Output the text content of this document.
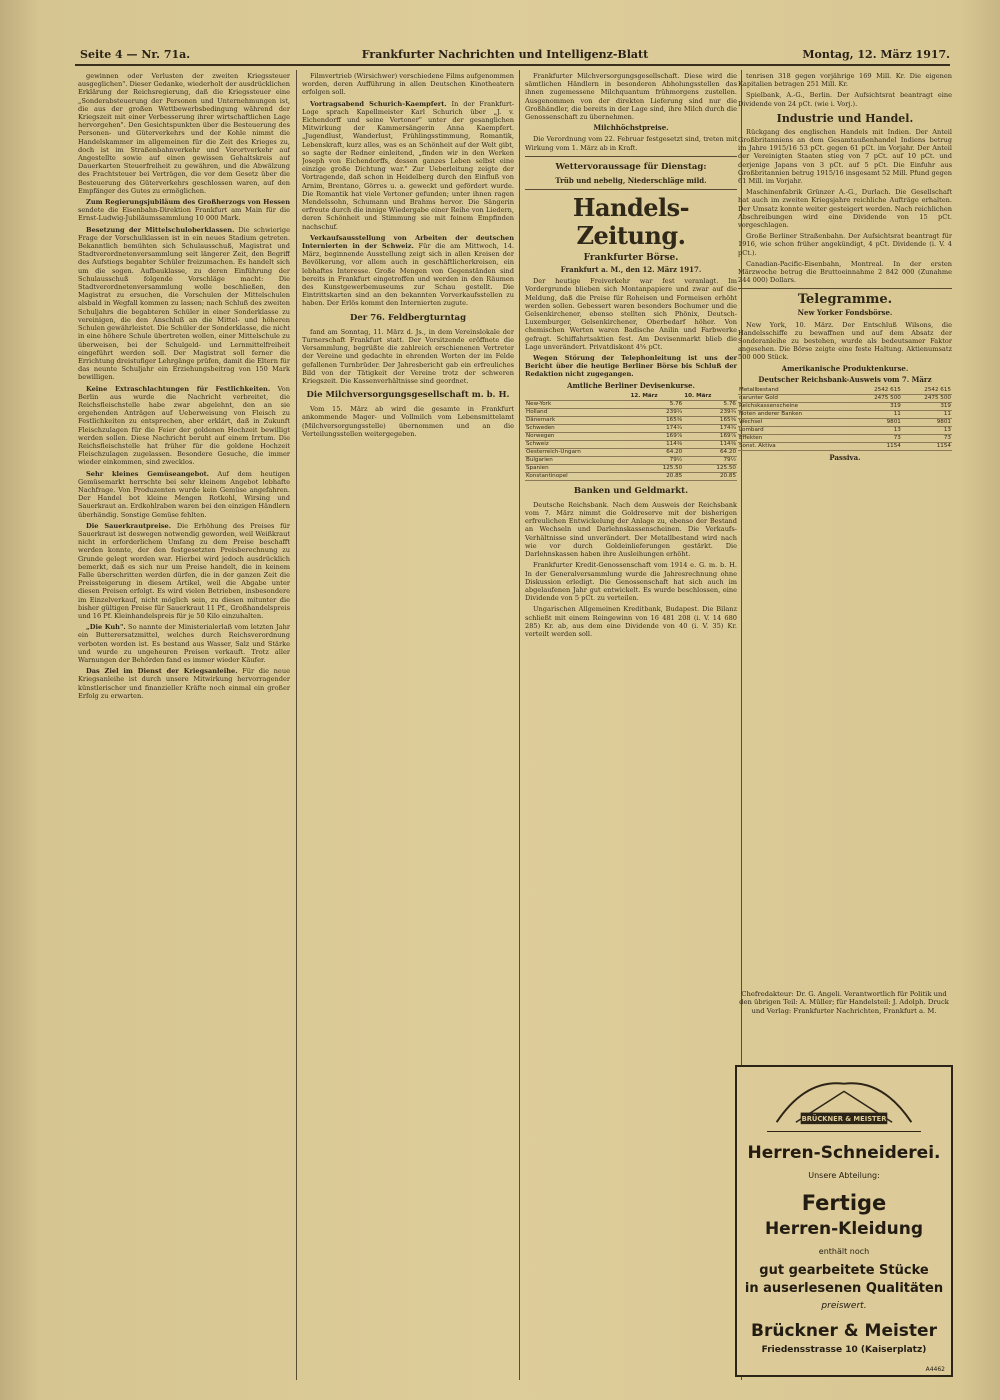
Seite 4 — Nr. 71a.	Frankfurter Nachrichten und Intelligenz-Blatt	Montag, 12. März 1917.

gewinnen oder Verlusten der zweiten Kriegssteuer ausgeglichen". Dieser Gedanke, wiederholt der ausdrücklichen Erklärung der Reichsregierung, daß die Kriegssteuer eine „Sonderabsteuerung der Personen und Unternehmungen ist, die aus der großen Wettbewerbsbedingung während der Kriegszeit mit einer Verbesserung ihrer wirtschaftlichen Lage hervorgehen". Den Gesichtspunkten über die Besteuerung des Personen- und Güterverkehrs und der Kohle nimmt die Handelskammer im allgemeinen für die Zeit des Krieges zu, doch ist im Straßenbahnverkehr und Vorortverkehr auf Angestellte sowie auf einen gewissen Gehaltskreis auf Dauerkarten Steuerfreiheit zu gewähren, und die Abwälzung des Frachtsteuer bei Verträgen, die vor dem Gesetz über die Besteuerung des Güterverkehrs geschlossen waren, auf den Empfänger des Gutes zu ermöglichen.

Zum Regierungsjubiläum des Großherzogs von Hessen sendete die Eisenbahn-Direktion Frankfurt am Main für die Ernst-Ludwig-Jubiläumssammlung 10 000 Mark.

Besetzung der Mittelschuloberklassen. Die schwierige Frage der Vorschulklassen ist in ein neues Stadium getreten. Bekanntlich bemühten sich Schulausschuß, Magistrat und Stadtverordnetenversammlung seit längerer Zeit, den Begriff des Aufstiegs begabter Schüler freizumachen. Es handelt sich um die sogen. Aufbauklasse, zu deren Einführung der Schulausschuß folgende Vorschläge macht: Die Stadtverordnetenversammlung wolle beschließen, den Magistrat zu ersuchen, die Vorschulen der Mittelschulen alsbald in Wegfall kommen zu lassen; nach Schluß des zweiten Schuljahrs die begabteren Schüler in einer Sonderklasse zu vereinigen, die den Anschluß an die Mittel- und höheren Schulen gewährleistet. Die Schüler der Sonderklasse, die nicht in eine höhere Schule übertreten wollen, einer Mittelschule zu überweisen, bei der Schulgeld- und Lernmittelfreiheit eingeführt werden soll. Der Magistrat soll ferner die Errichtung dreistufiger Lehrgänge prüfen, damit die Eltern für das neunte Schuljahr ein Erziehungsbeitrag von 150 Mark bewilligen.

Keine Extraschlachtungen für Festlichkeiten. Von Berlin aus wurde die Nachricht verbreitet, die Reichsfleischstelle habe zwar abgelehnt, den an sie ergehenden Anträgen auf Ueberweisung von Fleisch zu Festlichkeiten zu entsprechen, aber erklärt, daß in Zukunft Fleischzulagen für die Feier der goldenen Hochzeit bewilligt werden sollen. Diese Nachricht beruht auf einem Irrtum. Die Reichsfleischstelle hat früher für die goldene Hochzeit Fleischzulagen zugelassen. Besondere Gesuche, die immer wieder einkommen, sind zwecklos.

Sehr kleines Gemüseangebot. Auf dem heutigen Gemüsemarkt herrschte bei sehr kleinem Angebot lebhafte Nachfrage. Von Produzenten wurde kein Gemüse angefahren. Der Handel bot kleine Mengen Rotkohl, Wirsing und Sauerkraut an. Erdkohlraben waren bei den einzigen Händlern überhändig. Sonstige Gemüse fehlten.

Die Sauerkrautpreise. Die Erhöhung des Preises für Sauerkraut ist deswegen notwendig geworden, weil Weißkraut nicht in erforderlichem Umfang zu dem Preise beschafft werden konnte, der den festgesetzten Preisberechnung zu Grunde gelegt worden war. Hierbei wird jedoch ausdrücklich bemerkt, daß es sich nur um Preise handelt, die in keinem Falle überschritten werden dürfen, die in der ganzen Zeit die Preissteigerung in diesem Artikel, weil die Abgabe unter diesen Preisen erfolgt. Es wird vielen Betrieben, insbesondere im Einzelverkauf, nicht möglich sein, zu diesen mitunter die bisher gültigen Preise für Sauerkraut 11 Pf., Großhandelspreis und 16 Pf. Kleinhandelspreis für je 50 Kilo einzuhalten.

„Die Kuh". So nannte der Ministerialerlaß vom letzten Jahr ein Butterersatzmittel, welches durch Reichsverordnung verboten worden ist. Es bestand aus Wasser, Salz und Stärke und wurde zu ungeheuren Preisen verkauft. Trotz aller Warnungen der Behörden fand es immer wieder Käufer.

Das Ziel im Dienst der Kriegsanleihe. Für die neue Kriegsanleihe ist durch unsere Mitwirkung hervorragender künstlerischer und finanzieller Kräfte noch einmal ein großer Erfolg zu erwarten.

Filmvertrieb (Wirsichwer) verschiedene Films aufgenommen worden, deren Aufführung in allen Deutschen Kinotheatern erfolgen soll.

Vortragsabend Schurich-Kaempfert. In der Frankfurt-Loge sprach Kapellmeister Karl Schurich über „J. v. Eichendorff und seine Vertoner" unter der gesanglichen Mitwirkung der Kammersängerin Anna Kaempfert. „Jugendlust, Wanderlust, Frühlingsstimmung, Romantik, Lebenskraft, kurz alles, was es an Schönheit auf der Welt gibt, so sagte der Redner einleitend, „finden wir in den Werken Joseph von Eichendorffs, dessen ganzes Leben selbst eine einzige große Dichtung war." Zur Ueberleitung zeigte der Vortragende, daß schon in Heidelberg durch den Einfluß von Arnim, Brentano, Görres u. a. geweckt und gefördert wurde. Die Romantik hat viele Vertoner gefunden; unter ihnen ragen Mendelssohn, Schumann und Brahms hervor. Die Sängerin erfreute durch die innige Wiedergabe einer Reihe von Liedern, deren Schönheit und Stimmung sie mit feinem Empfinden nachschuf.

Verkaufsausstellung von Arbeiten der deutschen Internierten in der Schweiz. Für die am Mittwoch, 14. März, beginnende Ausstellung zeigt sich in allen Kreisen der Bevölkerung, vor allem auch in geschäftlicherkreisen, ein lebhaftes Interesse. Große Mengen von Gegenständen sind bereits in Frankfurt eingetroffen und werden in den Räumen des Kunstgewerbemuseums zur Schau gestellt. Die Eintrittskarten sind an den bekannten Vorverkaufsstellen zu haben. Der Erlös kommt den Internierten zugute.

Der 76. Feldbergturntag

fand am Sonntag, 11. März d. Js., in dem Vereinslokale der Turnerschaft Frankfurt statt. Der Vorsitzende eröffnete die Versammlung, begrüßte die zahlreich erschienenen Vertreter der Vereine und gedachte in ehrenden Worten der im Felde gefallenen Turnbrüder. Der Jahresbericht gab ein erfreuliches Bild von der Tätigkeit der Vereine trotz der schweren Kriegszeit. Die Kassenverhältnisse sind geordnet.

Die Milchversorgungsgesellschaft m. b. H.

Vom 15. März ab wird die gesamte in Frankfurt ankommende Mager- und Vollmilch vom Lebensmittelamt (Milchversorgungsstelle) übernommen und an die Verteilungsstellen weitergegeben.

Frankfurter Milchversorgungsgesellschaft. Diese wird die sämtlichen Händlern in besonderen Abholungsstellen das ihnen zugemessene Milchquantum frühmorgens zustellen. Ausgenommen von der direkten Lieferung sind nur die Großhändler, die bereits in der Lage sind, ihre Milch durch die Genossenschaft zu übernehmen.

Milchhöchstpreise.

Die Verordnung vom 22. Februar festgesetzt sind, treten mit Wirkung vom 1. März ab in Kraft.

Wettervoraussage für Dienstag:
Trüb und nebelig, Niederschläge mild.
Handels-Zeitung.
Frankfurter Börse.
Frankfurt a. M., den 12. März 1917.

Der heutige Freiverkehr war fest veranlagt. Im Vordergrunde blieben sich Montanpapiere und zwar auf die Meldung, daß die Preise für Roheisen und Formeisen erhöht werden sollen. Gebessert waren besonders Bochumer und die Gelsenkirchener, ebenso stellten sich Phönix, Deutsch-Luxemburger, Gelsenkirchener, Oberbedarf höher. Von chemischen Werten waren Badische Anilin und Farbwerke gefragt. Schiffahrtsaktien fest. Am Devisenmarkt blieb die Lage unverändert. Privatdiskont 4⅝ pCt.

Wegen Störung der Telephonleitung ist uns der Bericht über die heutige Berliner Börse bis Schluß der Redaktion nicht zugegangen.

Amtliche Berliner Devisenkurse.
	12. März	10. März
New-York	5.76	5.76
Holland	239¾	239¾
Dänemark	165⅜	165⅜
Schweden	174¾	174¾
Norwegen	169⅞	169⅞
Schweiz	114⅜	114⅜
Oesterreich-Ungarn	64.20	64.20
Bulgarien	79½	79½
Spanien	125.50	125.50
Konstantinopel	20.85	20.85
Banken und Geldmarkt.

Deutsche Reichsbank. Nach dem Ausweis der Reichsbank vom 7. März nimmt die Goldreserve mit der bisherigen erfreulichen Entwickelung der Anlage zu, ebenso der Bestand an Wechseln und Darlehnskassenscheinen. Die Verkaufs-Verhältnisse sind unverändert. Der Metallbestand wird nach wie vor durch Goldeinlieferungen gestärkt. Die Darlehnskassen haben ihre Ausleihungen erhöht.

Frankfurter Kredit-Genossenschaft vom 1914 e. G. m. b. H. In der Generalversammlung wurde die Jahresrechnung ohne Diskussion erledigt. Die Genossenschaft hat sich auch im abgelaufenen Jahr gut entwickelt. Es wurde beschlossen, eine Dividende von 5 pCt. zu verteilen.

Ungarischen Allgemeinen Kreditbank, Budapest. Die Bilanz schließt mit einem Reingewinn von 16 481 208 (i. V. 14 680 285) Kr. ab, aus dem eine Dividende von 40 (i. V. 35) Kr. verteilt werden soll.

tenrisen 318 gegen vorjährige 169 Mill. Kr. Die eigenen Kapitalien betragen 251 Mill. Kr.

Spielbank, A.-G., Berlin. Der Aufsichtsrat beantragt eine Dividende von 24 pCt. (wie i. Vorj.).

Industrie und Handel.

Rückgang des englischen Handels mit Indien. Der Anteil Großbritanniens an dem Gesamtaußenhandel Indiens betrug im Jahre 1915/16 53 pCt. gegen 61 pCt. im Vorjahr. Der Anteil der Vereinigten Staaten stieg von 7 pCt. auf 10 pCt. und derjenige Japans von 3 pCt. auf 5 pCt. Die Einfuhr aus Großbritannien betrug 1915/16 insgesamt 52 Mill. Pfund gegen 61 Mill. im Vorjahr.

Maschinenfabrik Grünzer A.-G., Durlach. Die Gesellschaft hat auch im zweiten Kriegsjahre reichliche Aufträge erhalten. Der Umsatz konnte weiter gesteigert werden. Nach reichlichen Abschreibungen wird eine Dividende von 15 pCt. vorgeschlagen.

Große Berliner Straßenbahn. Der Aufsichtsrat beantragt für 1916, wie schon früher angekündigt, 4 pCt. Dividende (i. V. 4 pCt.).

Canadian-Pacific-Eisenbahn, Montreal. In der ersten Märzwoche betrug die Bruttoeinnahme 2 842 000 (Zunahme 244 000) Dollars.

Telegramme.
New Yorker Fondsbörse.

New York, 10. März. Der Entschluß Wilsons, die Handelsschiffe zu bewaffnen und auf dem Absatz der Sonderanleihe zu bestehen, wurde als bedeutsamer Faktor angesehen. Die Börse zeigte eine feste Haltung. Aktienumsatz 500 000 Stück.

Amerikanische Produktenkurse.
Deutscher Reichsbank-Ausweis vom 7. März
Metallbestand	2542 615	2542 615
darunter Gold	2475 500	2475 500
Reichskassenscheine	319	319
Noten anderer Banken	11	11
Wechsel	9801	9801
Lombard	13	13
Effekten	73	73
Sonst. Aktiva	1154	1154
Passiva.
Chefredakteur: Dr. G. Angeli. Verantwortlich für Politik und den übrigen Teil: A. Müller; für Handelsteil: J. Adolph. Druck und Verlag: Frankfurter Nachrichten, Frankfurt a. M.
BRÜCKNER & MEISTER
Herren-Schneiderei.
Unsere Abteilung:
Fertige
Herren-Kleidung
enthält noch
gut gearbeitete Stücke
in auserlesenen Qualitäten
preiswert.
Brückner & Meister
Friedensstrasse 10 (Kaiserplatz)
A4462
